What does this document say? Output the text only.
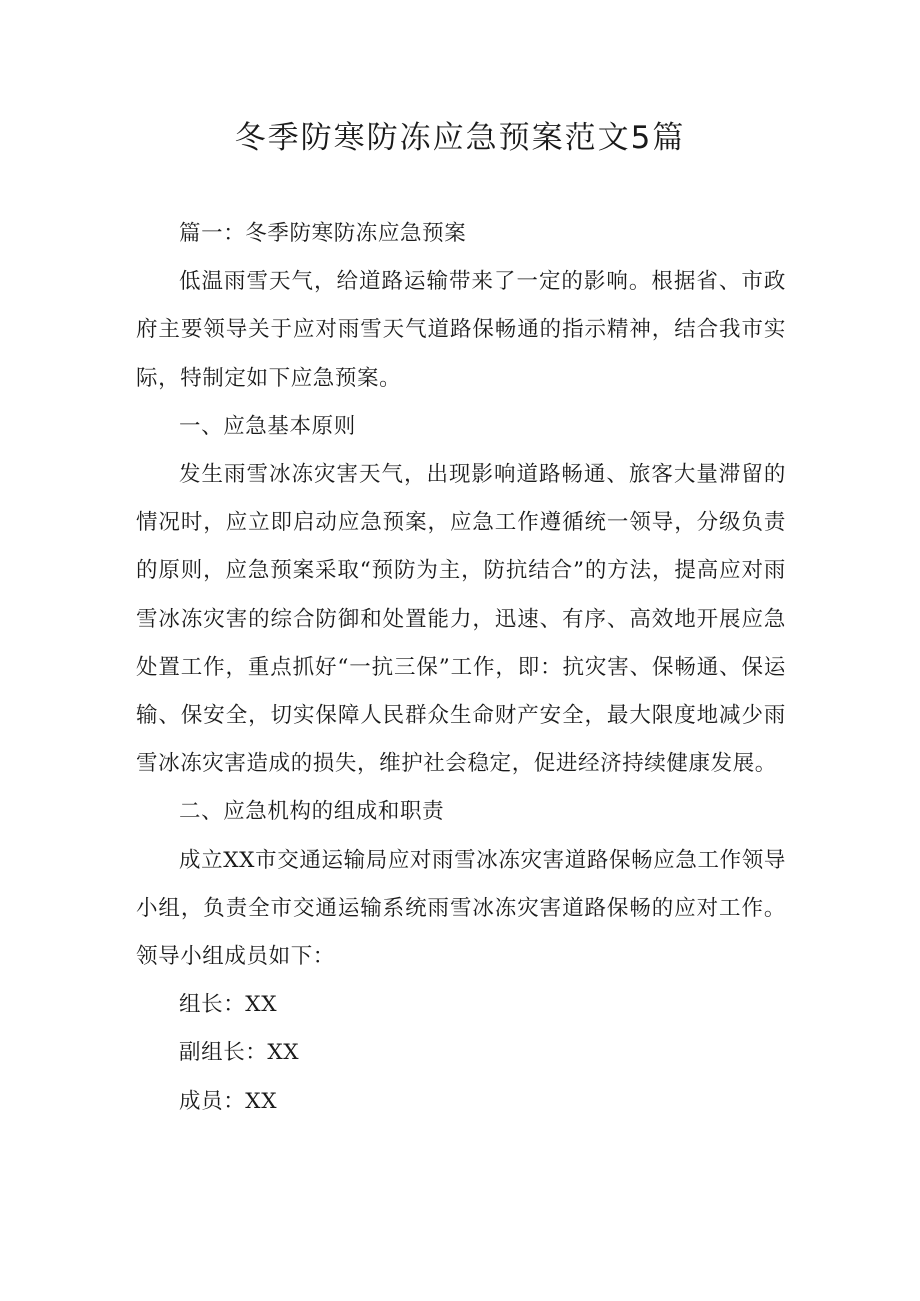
冬季防寒防冻应急预案范文5篇

篇一：冬季防寒防冻应急预案

低温雨雪天气，给道路运输带来了一定的影响。根据省、市政府主要领导关于应对雨雪天气道路保畅通的指示精神，结合我市实际，特制定如下应急预案。

一、应急基本原则

发生雨雪冰冻灾害天气，出现影响道路畅通、旅客大量滞留的情况时，应立即启动应急预案，应急工作遵循统一领导，分级负责的原则，应急预案采取“预防为主，防抗结合”的方法，提高应对雨雪冰冻灾害的综合防御和处置能力，迅速、有序、高效地开展应急处置工作，重点抓好“一抗三保”工作，即：抗灾害、保畅通、保运输、保安全，切实保障人民群众生命财产安全，最大限度地减少雨雪冰冻灾害造成的损失，维护社会稳定，促进经济持续健康发展。

二、应急机构的组成和职责

成立XX市交通运输局应对雨雪冰冻灾害道路保畅应急工作领导小组，负责全市交通运输系统雨雪冰冻灾害道路保畅的应对工作。领导小组成员如下：

组长：XX

副组长：XX

成员：XX
